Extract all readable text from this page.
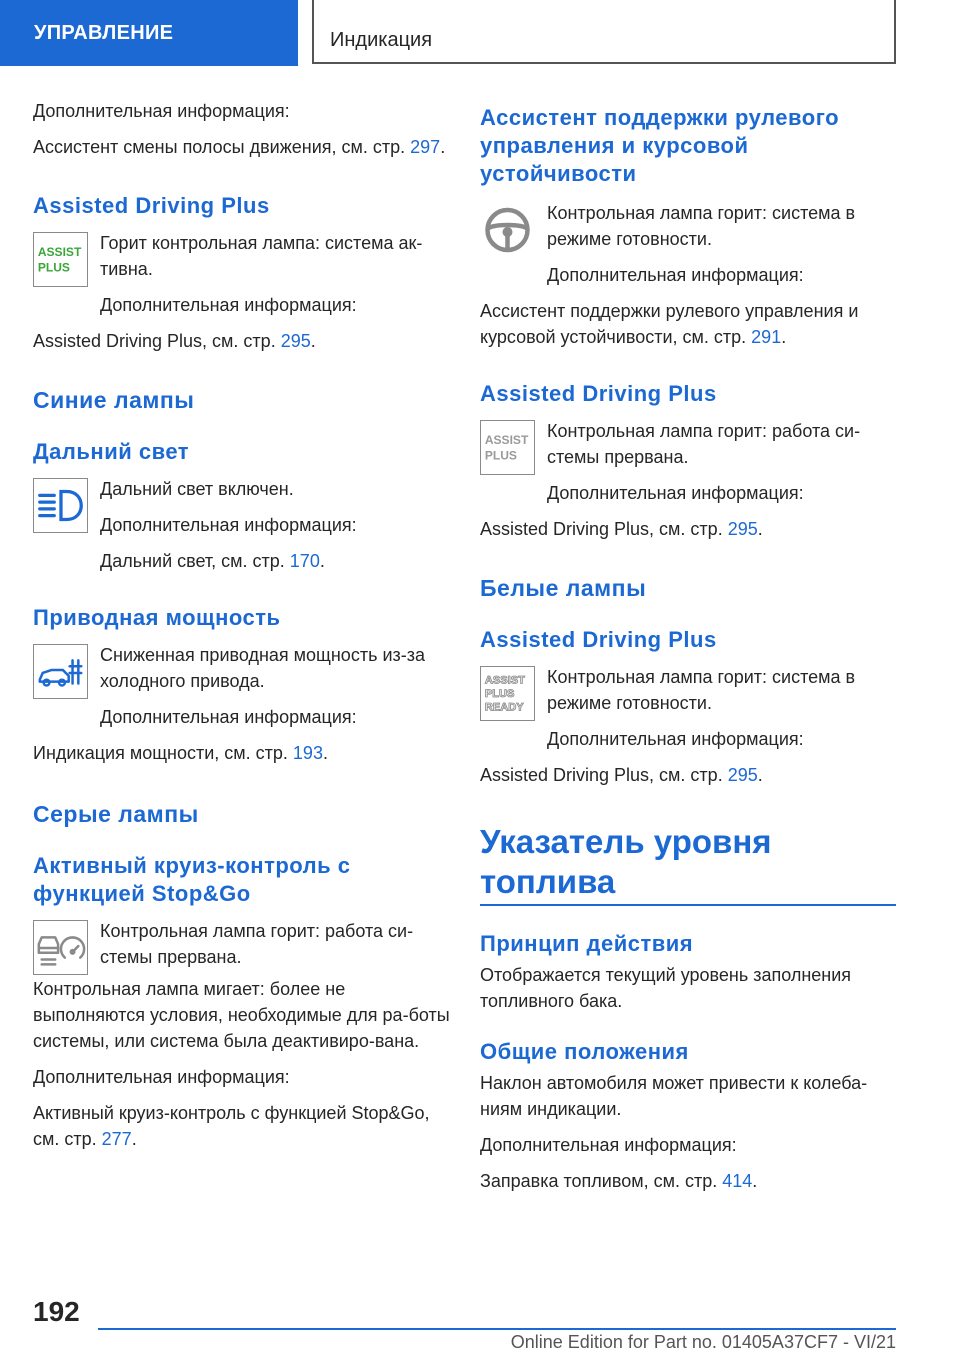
УПРАВЛЕНИЕ	Индикация

Дополнительная информация:

Ассистент смены полосы движения, см. стр. 297.

Assisted Driving Plus
ASSIST
PLUS

Горит контрольная лампа: система ак-тивна.

Дополнительная информация:

Assisted Driving Plus, см. стр. 295.

Синие лампы
Дальний свет

Дальний свет включен.

Дополнительная информация:

Дальний свет, см. стр. 170.

Приводная мощность

Сниженная приводная мощность из-за холодного привода.

Дополнительная информация:

Индикация мощности, см. стр. 193.

Серые лампы
Активный круиз-контроль с функцией Stop&Go

Контрольная лампа горит: работа си-стемы прервана.

Контрольная лампа мигает: более не выполняются условия, необходимые для ра-боты системы, или система была деактивиро-вана.

Дополнительная информация:

Активный круиз-контроль с функцией Stop&Go, см. стр. 277.

Ассистент поддержки рулевого управления и курсовой устойчивости

Контрольная лампа горит: система в режиме готовности.

Дополнительная информация:

Ассистент поддержки рулевого управления и курсовой устойчивости, см. стр. 291.

Assisted Driving Plus
ASSIST
PLUS

Контрольная лампа горит: работа си-стемы прервана.

Дополнительная информация:

Assisted Driving Plus, см. стр. 295.

Белые лампы
Assisted Driving Plus
ASSIST
PLUS
READY

Контрольная лампа горит: система в режиме готовности.

Дополнительная информация:

Assisted Driving Plus, см. стр. 295.

Указатель уровня топлива
Принцип действия

Отображается текущий уровень заполнения топливного бака.

Общие положения

Наклон автомобиля может привести к колеба-ниям индикации.

Дополнительная информация:

Заправка топливом, см. стр. 414.

192
Online Edition for Part no. 01405A37CF7 - VI/21
